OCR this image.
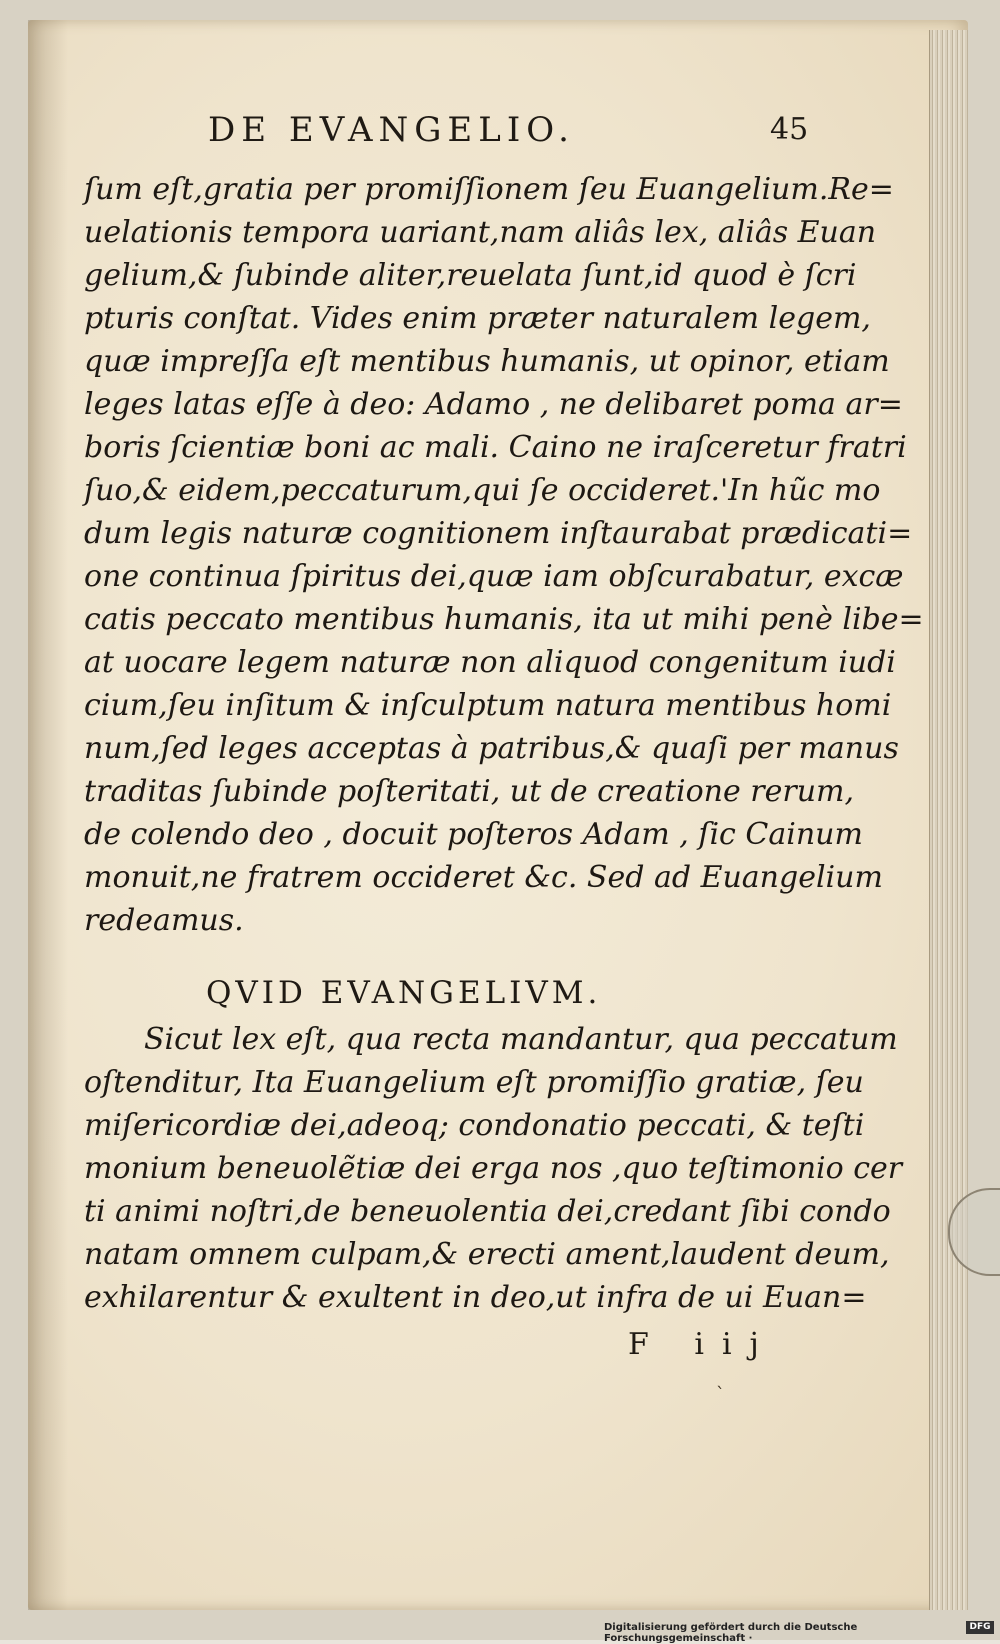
DE EVANGELIO.	45
ſum eſt,gratia per promiſſionem ſeu Euangelium.Re=
uelationis tempora uariant,nam aliâs lex, aliâs Euan
gelium,& ſubinde aliter,reuelata ſunt,id quod è ſcri
pturis conſtat. Vides enim præter naturalem legem,
quæ impreſſa eſt mentibus humanis, ut opinor, etiam
leges latas eſſe à deo: Adamo , ne delibaret poma ar=
boris ſcientiæ boni ac mali. Caino ne iraſceretur fratri
ſuo,& eidem,peccaturum,qui ſe occideret.'In hũc mo
dum legis naturæ cognitionem inſtaurabat prædicati=
one continua ſpiritus dei,quæ iam obſcurabatur, excæ
catis peccato mentibus humanis, ita ut mihi penè libe=
at uocare legem naturæ non aliquod congenitum iudi
cium,ſeu inſitum & inſculptum natura mentibus homi
num,ſed leges acceptas à patribus,& quaſi per manus
traditas ſubinde poſteritati, ut de creatione rerum,
de colendo deo , docuit poſteros Adam , ſic Cainum
monuit,ne fratrem occideret &c. Sed ad Euangelium
redeamus.
QVID EVANGELIVM.
Sicut lex eſt, qua recta mandantur, qua peccatum
oſtenditur, Ita Euangelium eſt promiſſio gratiæ, ſeu
miſericordiæ dei,adeoq; condonatio peccati, & teſti
monium beneuolẽtiæ dei erga nos ,quo teſtimonio cer
ti animi noſtri,de beneuolentia dei,credant ſibi condo
natam omnem culpam,& erecti ament,laudent deum,
exhilarentur & exultent in deo,ut infra de ui Euan=
F iij
`
Digitalisierung gefördert durch die Deutsche Forschungsgemeinschaft ·
DFG
